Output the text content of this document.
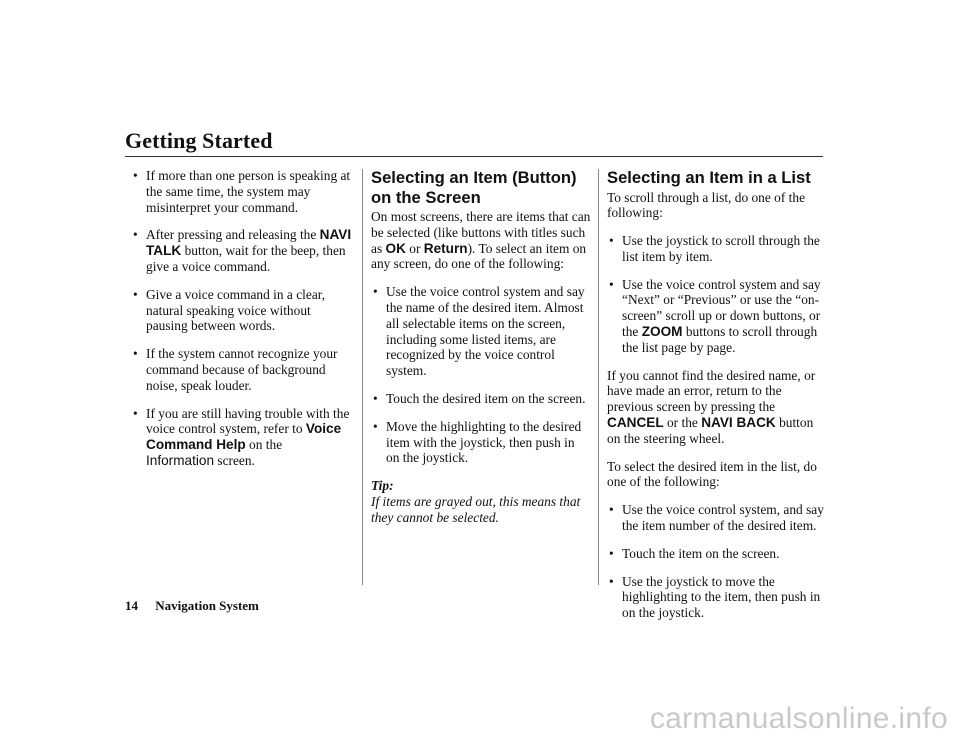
Getting Started
• If more than one person is speaking at the same time, the system may misinterpret your command.
• After pressing and releasing the NAVI TALK button, wait for the beep, then give a voice command.
• Give a voice command in a clear, natural speaking voice without pausing between words.
• If the system cannot recognize your command because of background noise, speak louder.
• If you are still having trouble with the voice control system, refer to Voice Command Help on the Information screen.
Selecting an Item (Button) on the Screen

On most screens, there are items that can be selected (like buttons with titles such as OK or Return). To select an item on any screen, do one of the following:

• Use the voice control system and say the name of the desired item. Almost all selectable items on the screen, including some listed items, are recognized by the voice control system.
• Touch the desired item on the screen.
• Move the highlighting to the desired item with the joystick, then push in on the joystick.

Tip:

If items are grayed out, this means that they cannot be selected.

Selecting an Item in a List

To scroll through a list, do one of the following:

• Use the joystick to scroll through the list item by item.
• Use the voice control system and say “Next” or “Previous” or use the “on-screen” scroll up or down buttons, or the ZOOM buttons to scroll through the list page by page.

If you cannot find the desired name, or have made an error, return to the previous screen by pressing the CANCEL or the NAVI BACK button on the steering wheel.

To select the desired item in the list, do one of the following:

• Use the voice control system, and say the item number of the desired item.
• Touch the item on the screen.
• Use the joystick to move the highlighting to the item, then push in on the joystick.
14 Navigation System
carmanualsonline.info
